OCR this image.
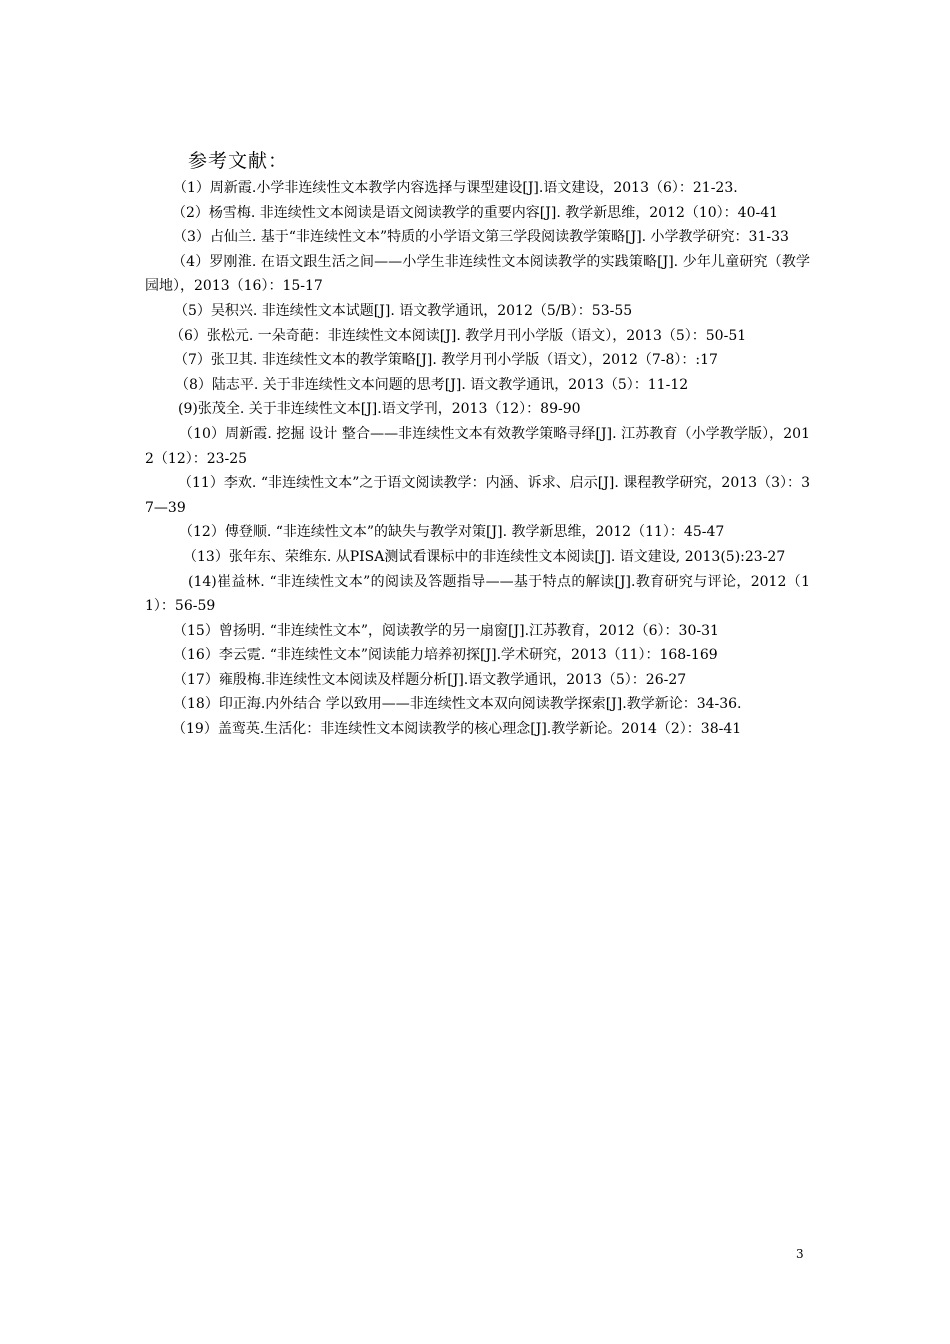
参考文献：

（1）周新霞.小学非连续性文本教学内容选择与课型建设[J].语文建设，2013（6）：21-23.

（2）杨雪梅. 非连续性文本阅读是语文阅读教学的重要内容[J]. 教学新思维，2012（10）：40-41

（3）占仙兰. 基于“非连续性文本”特质的小学语文第三学段阅读教学策略[J]. 小学教学研究：31-33

（4）罗刚淮. 在语文跟生活之间——小学生非连续性文本阅读教学的实践策略[J]. 少年儿童研究（教学园地），2013（16）：15-17

（5）吴积兴. 非连续性文本试题[J]. 语文教学通讯，2012（5/B）：53-55

（6）张松元. 一朵奇葩：非连续性文本阅读[J]. 教学月刊小学版（语文），2013（5）：50-51

（7）张卫其. 非连续性文本的教学策略[J]. 教学月刊小学版（语文），2012（7-8）：:17

（8）陆志平. 关于非连续性文本问题的思考[J]. 语文教学通讯，2013（5）：11-12

(9)张茂全. 关于非连续性文本[J].语文学刊，2013（12）：89-90

（10）周新霞. 挖掘 设计 整合——非连续性文本有效教学策略寻绎[J]. 江苏教育（小学教学版），2012（12）：23-25

（11）李欢. “非连续性文本”之于语文阅读教学：内涵、诉求、启示[J]. 课程教学研究，2013（3）：37—39

（12）傅登顺. “非连续性文本”的缺失与教学对策[J]. 教学新思维，2012（11）：45-47

（13）张年东、荣维东. 从PISA测试看课标中的非连续性文本阅读[J]. 语文建设, 2013(5):23-27

(14)崔益林. “非连续性文本”的阅读及答题指导——基于特点的解读[J].教育研究与评论，2012（11）：56-59

（15）曾扬明. “非连续性文本”，阅读教学的另一扇窗[J].江苏教育，2012（6）：30-31

（16）李云霓. “非连续性文本”阅读能力培养初探[J].学术研究，2013（11）：168-169

（17）雍殷梅.非连续性文本阅读及样题分析[J].语文教学通讯，2013（5）：26-27

（18）印正海.内外结合 学以致用——非连续性文本双向阅读教学探索[J].教学新论：34-36.

（19）盖鸾英.生活化：非连续性文本阅读教学的核心理念[J].教学新论。2014（2）：38-41

3
